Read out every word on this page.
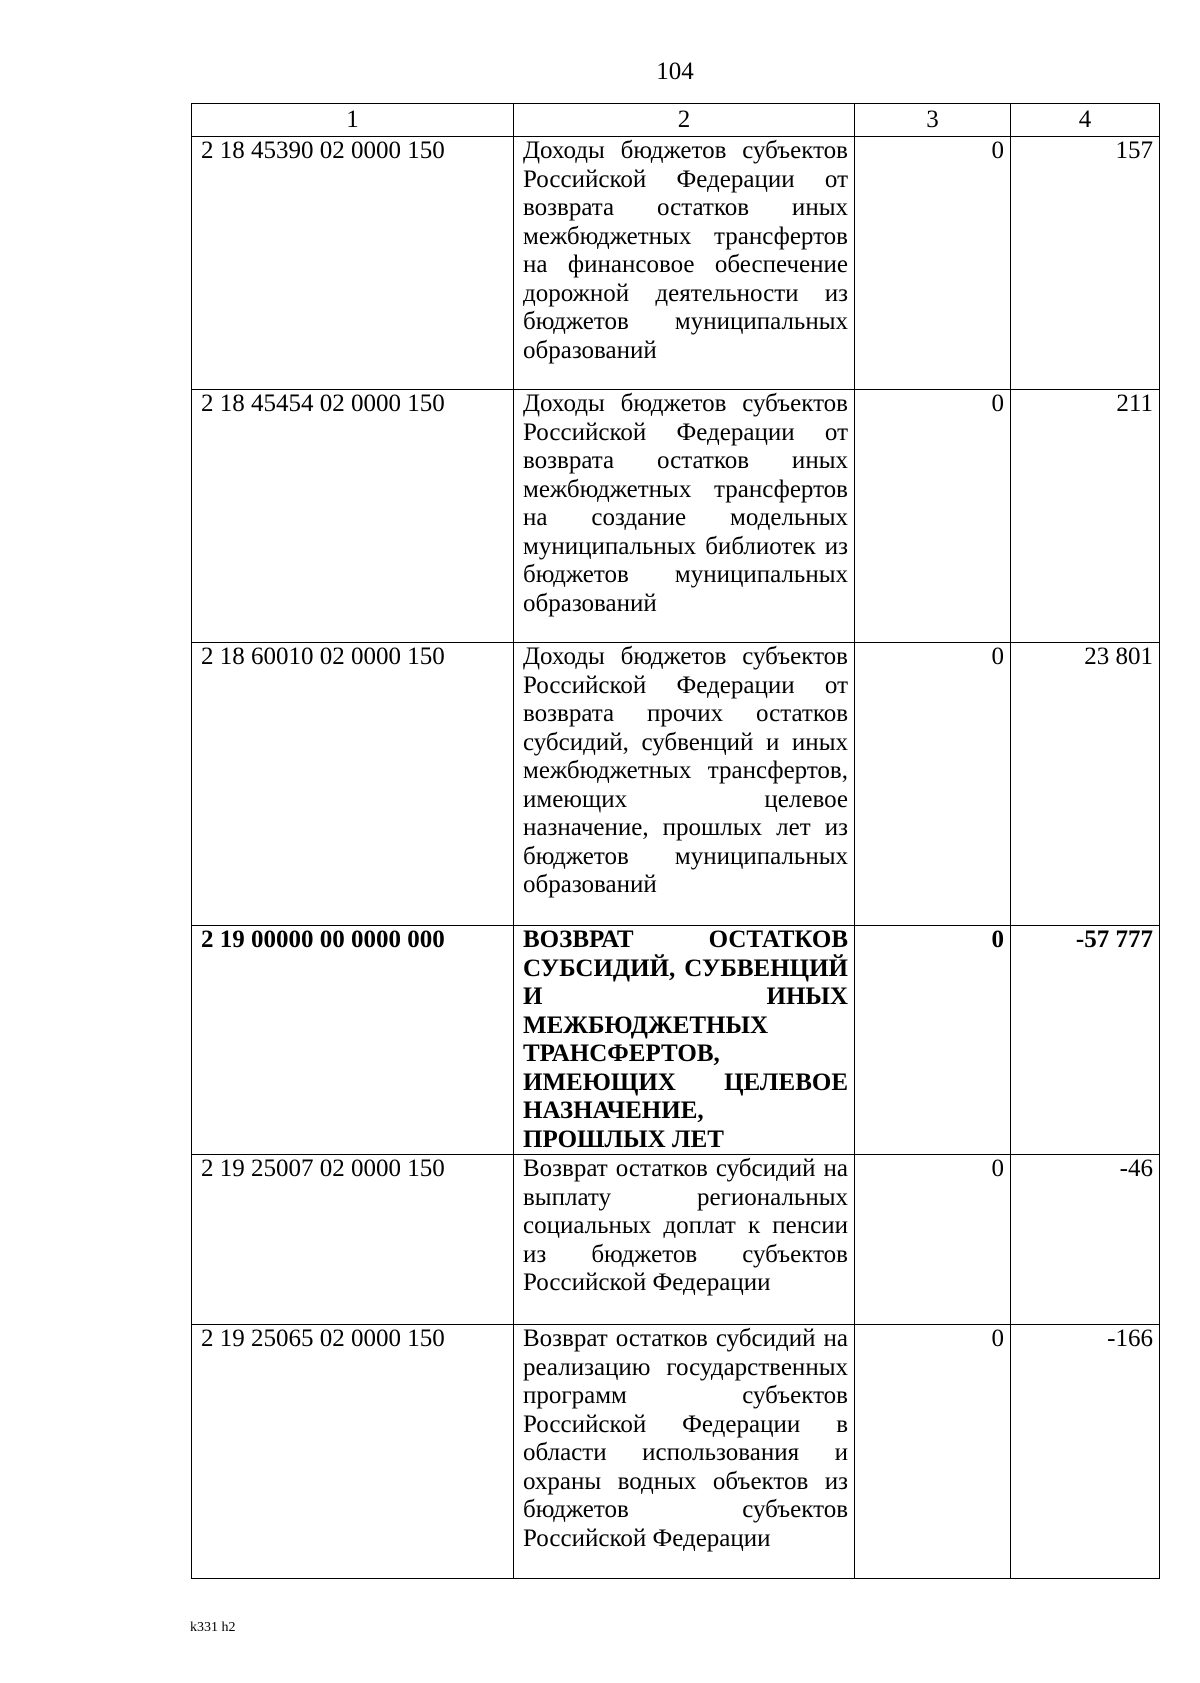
104
1	2	3	4
2 18 45390 02 0000 150	Доходы бюджетов субъектов Российской Федерации от возврата остатков иных межбюджетных трансфертов на финансовое обеспечение дорожной деятельности из бюджетов муниципальных образований	0	157
2 18 45454 02 0000 150	Доходы бюджетов субъектов Российской Федерации от возврата остатков иных межбюджетных трансфертов на создание модельных муниципальных библиотек из бюджетов муниципальных образований	0	211
2 18 60010 02 0000 150	Доходы бюджетов субъектов Российской Федерации от возврата прочих остатков субсидий, субвенций и иных межбюджетных трансфертов, имеющих целевое назначение, прошлых лет из бюджетов муниципальных образований	0	23 801
2 19 00000 00 0000 000	ВОЗВРАТ ОСТАТКОВ СУБСИДИЙ, СУБВЕНЦИЙ И ИНЫХ МЕЖБЮДЖЕТНЫХ ТРАНСФЕРТОВ, ИМЕЮЩИХ ЦЕЛЕВОЕ НАЗНАЧЕНИЕ, ПРОШЛЫХ ЛЕТ	0	-57 777
2 19 25007 02 0000 150	Возврат остатков субсидий на выплату региональных социальных доплат к пенсии из бюджетов субъектов Российской Федерации	0	-46
2 19 25065 02 0000 150	Возврат остатков субсидий на реализацию государственных программ субъектов Российской Федерации в области использования и охраны водных объектов из бюджетов субъектов Российской Федерации	0	-166
k331 h2
